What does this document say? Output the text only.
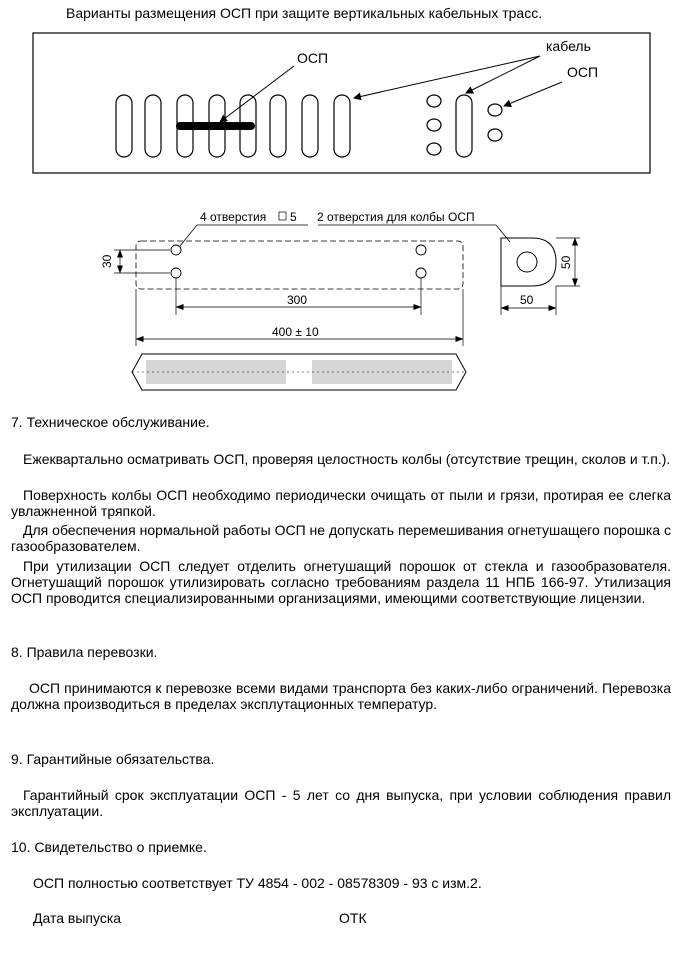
Варианты размещения ОСП при защите вертикальных кабельных трасс.
ОСП
кабель
ОСП
4 отверстия 5 2 отверстия для колбы ОСП
30
300
400 ± 10
50
50
7. Техническое обслуживание.
Ежеквартально осматривать ОСП, проверяя целостность колбы (отсутствие трещин, сколов и т.п.).
Поверхность колбы ОСП необходимо периодически очищать от пыли и грязи, протирая ее слегка увлажненной тряпкой.
Для обеспечения нормальной работы ОСП не допускать перемешивания огнетушащего порошка с газообразователем.
При утилизации ОСП следует отделить огнетушащий порошок от стекла и газообразователя. Огнетушащий порошок утилизировать согласно требованиям раздела 11 НПБ 166-97. Утилизация ОСП проводится специализированными организациями, имеющими соответствующие лицензии.
8. Правила перевозки.
ОСП принимаются к перевозке всеми видами транспорта без каких-либо ограничений. Перевозка должна производиться в пределах эксплутационных температур.
9. Гарантийные обязательства.
Гарантийный срок эксплуатации ОСП - 5 лет со дня выпуска, при условии соблюдения правил эксплуатации.
10. Свидетельство о приемке.
ОСП полностью соответствует ТУ 4854 - 002 - 08578309 - 93 с изм.2.
Дата выпуска	ОТК
